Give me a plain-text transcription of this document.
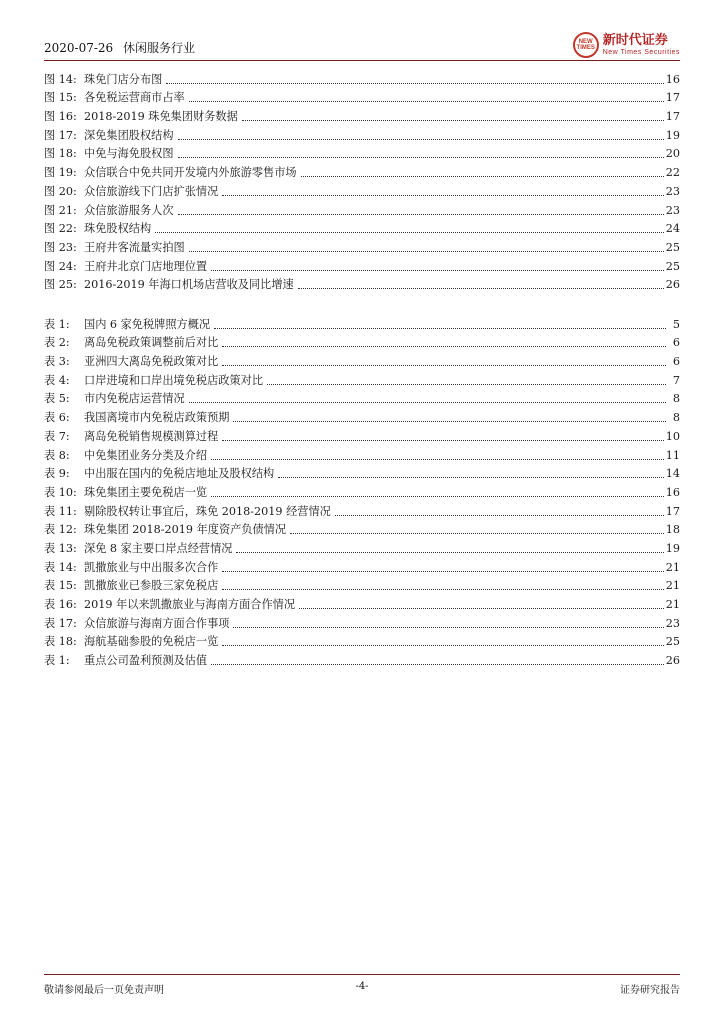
2020-07-26 休闲服务行业	NEW TIMES 新时代证券
New Times Securities
图 14: 珠免门店分布图	16
图 15: 各免税运营商市占率	17
图 16: 2018-2019 珠免集团财务数据	17
图 17: 深免集团股权结构	19
图 18: 中免与海免股权图	20
图 19: 众信联合中免共同开发境内外旅游零售市场	22
图 20: 众信旅游线下门店扩张情况	23
图 21: 众信旅游服务人次	23
图 22: 珠免股权结构	24
图 23: 王府井客流量实拍图	25
图 24: 王府井北京门店地理位置	25
图 25: 2016-2019 年海口机场店营收及同比增速	26
表 1:	国内 6 家免税牌照方概况	5
表 2:	离岛免税政策调整前后对比	6
表 3:	亚洲四大离岛免税政策对比	6
表 4:	口岸进境和口岸出境免税店政策对比	7
表 5:	市内免税店运营情况	8
表 6:	我国离境市内免税店政策预期	8
表 7:	离岛免税销售规模测算过程	10
表 8:	中免集团业务分类及介绍	11
表 9:	中出服在国内的免税店地址及股权结构	14
表 10: 珠免集团主要免税店一览	16
表 11: 剔除股权转让事宜后，珠免 2018-2019 经营情况	17
表 12: 珠免集团 2018-2019 年度资产负债情况	18
表 13: 深免 8 家主要口岸点经营情况	19
表 14: 凯撒旅业与中出服多次合作	21
表 15: 凯撒旅业已参股三家免税店	21
表 16: 2019 年以来凯撒旅业与海南方面合作情况	21
表 17: 众信旅游与海南方面合作事项	23
表 18: 海航基础参股的免税店一览	25
表 1:	重点公司盈利预测及估值	26
敬请参阅最后一页免责声明	-4-	证券研究报告
